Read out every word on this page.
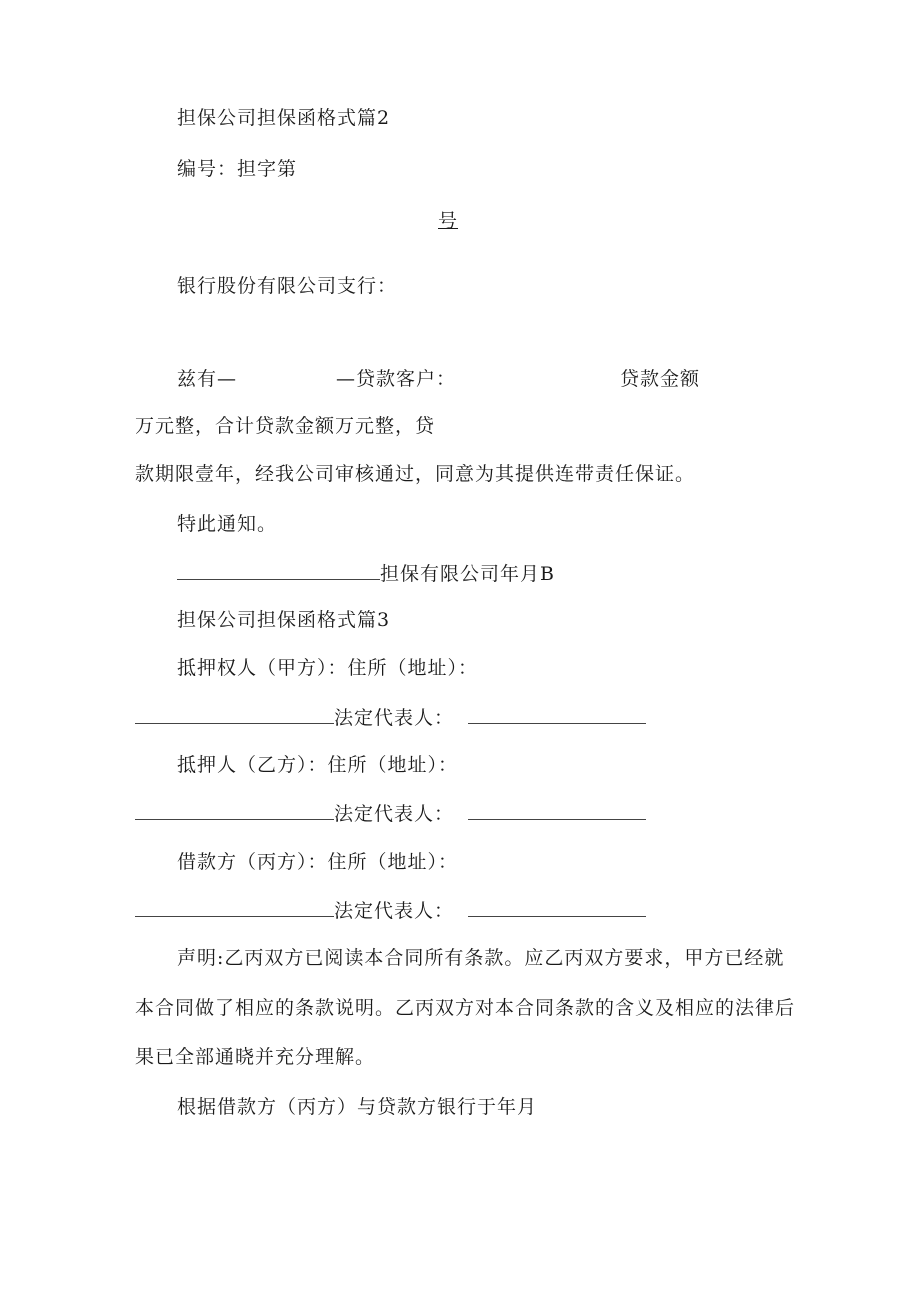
担保公司担保函格式篇2
编号：担字第
号
银行股份有限公司支行：
兹有—	—贷款客户：	贷款金额
万元整，合计贷款金额万元整，贷
款期限壹年，经我公司审核通过，同意为其提供连带责任保证。
特此通知。
担保有限公司年月B
担保公司担保函格式篇3
抵押权人（甲方）：住所（地址）：
法定代表人：
抵押人（乙方）：住所（地址）：
法定代表人：
借款方（丙方）：住所（地址）：
法定代表人：
声明:乙丙双方已阅读本合同所有条款。应乙丙双方要求，甲方已经就
本合同做了相应的条款说明。乙丙双方对本合同条款的含义及相应的法律后
果已全部通晓并充分理解。
根据借款方（丙方）与贷款方银行于年月
